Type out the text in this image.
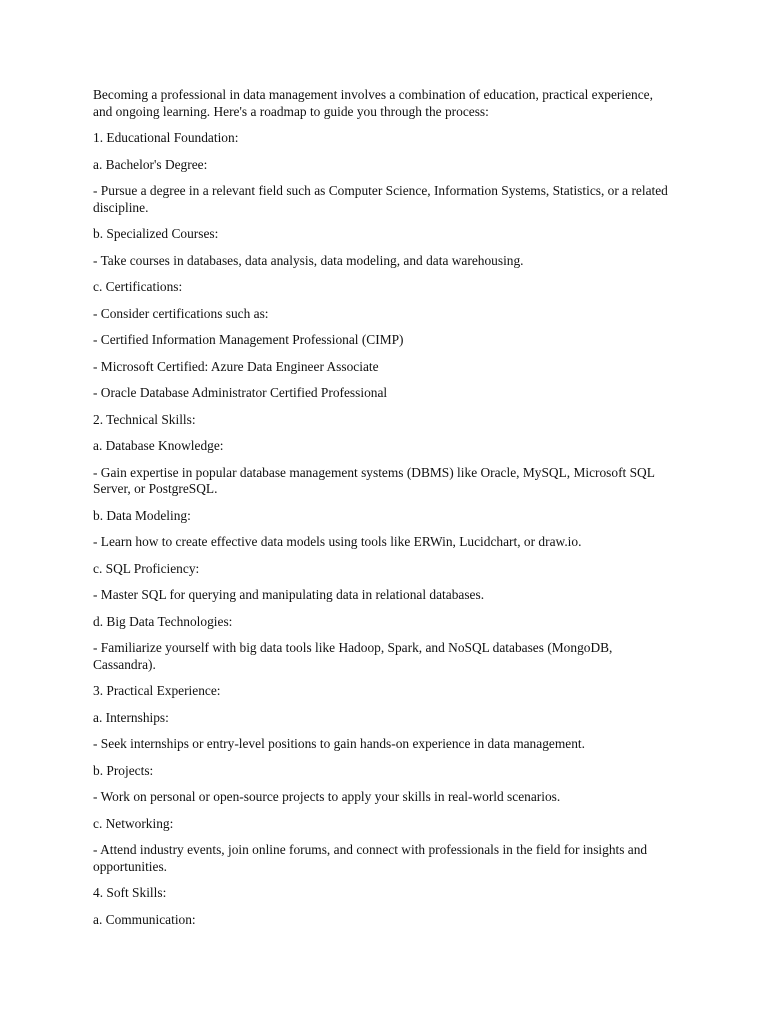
Becoming a professional in data management involves a combination of education, practical experience, and ongoing learning. Here's a roadmap to guide you through the process:

1. Educational Foundation:

a. Bachelor's Degree:

- Pursue a degree in a relevant field such as Computer Science, Information Systems, Statistics, or a related discipline.

b. Specialized Courses:

- Take courses in databases, data analysis, data modeling, and data warehousing.

c. Certifications:

- Consider certifications such as:

- Certified Information Management Professional (CIMP)

- Microsoft Certified: Azure Data Engineer Associate

- Oracle Database Administrator Certified Professional

2. Technical Skills:

a. Database Knowledge:

- Gain expertise in popular database management systems (DBMS) like Oracle, MySQL, Microsoft SQL Server, or PostgreSQL.

b. Data Modeling:

- Learn how to create effective data models using tools like ERWin, Lucidchart, or draw.io.

c. SQL Proficiency:

- Master SQL for querying and manipulating data in relational databases.

d. Big Data Technologies:

- Familiarize yourself with big data tools like Hadoop, Spark, and NoSQL databases (MongoDB, Cassandra).

3. Practical Experience:

a. Internships:

- Seek internships or entry-level positions to gain hands-on experience in data management.

b. Projects:

- Work on personal or open-source projects to apply your skills in real-world scenarios.

c. Networking:

- Attend industry events, join online forums, and connect with professionals in the field for insights and opportunities.

4. Soft Skills:

a. Communication:
